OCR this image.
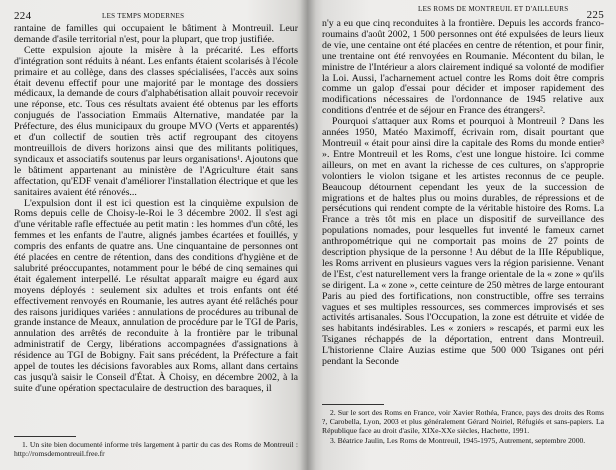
224	LES TEMPS MODERNES

rantaine de familles qui occupaient le bâtiment à Montreuil. Leur demande d'asile territorial n'est, pour la plupart, que trop justifiée.

Cette expulsion ajoute la misère à la précarité. Les efforts d'intégration sont réduits à néant. Les enfants étaient scolarisés à l'école primaire et au collège, dans des classes spécialisées, l'accès aux soins était devenu effectif pour une majorité par le montage des dossiers médicaux, la demande de cours d'alphabétisation allait pouvoir recevoir une réponse, etc. Tous ces résultats avaient été obtenus par les efforts conjugués de l'association Emmaüs Alternative, mandatée par la Préfecture, des élus municipaux du groupe MVO (Verts et apparentés) et d'un collectif de soutien très actif regroupant des citoyens montreuillois de divers horizons ainsi que des militants politiques, syndicaux et associatifs soutenus par leurs organisations¹. Ajoutons que le bâtiment appartenant au ministère de l'Agriculture était sans affectation, qu'EDF venait d'améliorer l'installation électrique et que les sanitaires avaient été rénovés...

L'expulsion dont il est ici question est la cinquième expulsion de Roms depuis celle de Choisy-le-Roi le 3 décembre 2002. Il s'est agi d'une véritable rafle effectuée au petit matin : les hommes d'un côté, les femmes et les enfants de l'autre, alignés jambes écartées et fouillés, y compris des enfants de quatre ans. Une cinquantaine de personnes ont été placées en centre de rétention, dans des conditions d'hygiène et de salubrité préoccupantes, notamment pour le bébé de cinq semaines qui était également interpellé. Le résultat apparaît maigre eu égard aux moyens déployés : seulement six adultes et trois enfants ont été effectivement renvoyés en Roumanie, les autres ayant été relâchés pour des raisons juridiques variées : annulations de procédures au tribunal de grande instance de Meaux, annulation de procédure par le TGI de Paris, annulation des arrêtés de reconduite à la frontière par le tribunal administratif de Cergy, libérations accompagnées d'assignations à résidence au TGI de Bobigny. Fait sans précédent, la Préfecture a fait appel de toutes les décisions favorables aux Roms, allant dans certains cas jusqu'à saisir le Conseil d'État. À Choisy, en décembre 2002, à la suite d'une opération spectaculaire de destruction des baraques, il

1. Un site bien documenté informe très largement à partir du cas des Roms de Montreuil : http://romsdemontreuil.free.fr

LES ROMS DE MONTREUIL ET D'AILLEURS 225

n'y a eu que cinq reconduites à la frontière. Depuis les accords franco-roumains d'août 2002, 1 500 personnes ont été expulsées de leurs lieux de vie, une centaine ont été placées en centre de rétention, et pour finir, une trentaine ont été renvoyées en Roumanie. Mécontent du bilan, le ministre de l'Intérieur a alors clairement indiqué sa volonté de modifier la Loi. Aussi, l'acharnement actuel contre les Roms doit être compris comme un galop d'essai pour décider et imposer rapidement des modifications nécessaires de l'ordonnance de 1945 relative aux conditions d'entrée et de séjour en France des étrangers².

Pourquoi s'attaquer aux Roms et pourquoi à Montreuil ? Dans les années 1950, Matéo Maximoff, écrivain rom, disait pourtant que Montreuil « était pour ainsi dire la capitale des Roms du monde entier³ ». Entre Montreuil et les Roms, c'est une longue histoire. Ici comme ailleurs, on met en avant la richesse de ces cultures, on s'approprie volontiers le violon tsigane et les artistes reconnus de ce peuple. Beaucoup détournent cependant les yeux de la succession de migrations et de haltes plus ou moins durables, de répressions et de persécutions qui rendent compte de la véritable histoire des Roms. La France a très tôt mis en place un dispositif de surveillance des populations nomades, pour lesquelles fut inventé le fameux carnet anthropométrique qui ne comportait pas moins de 27 points de description physique de la personne ! Au début de la IIIe République, les Roms arrivent en plusieurs vagues vers la région parisienne. Venant de l'Est, c'est naturellement vers la frange orientale de la « zone » qu'ils se dirigent. La « zone », cette ceinture de 250 mètres de large entourant Paris au pied des fortifications, non constructible, offre ses terrains vagues et ses multiples ressources, ses commerces improvisés et ses activités artisanales. Sous l'Occupation, la zone est détruite et vidée de ses habitants indésirables. Les « zoniers » rescapés, et parmi eux les Tsiganes réchappés de la déportation, entrent dans Montreuil. L'historienne Claire Auzias estime que 500 000 Tsiganes ont péri pendant la Seconde

2. Sur le sort des Roms en France, voir Xavier Rothéa, France, pays des droits des Roms ?, Carobella, Lyon, 2003 et plus généralement Gérard Noiriel, Réfugiés et sans-papiers. La République face au droit d'asile, XIXe-XXe siècles, Hachette, 1991.

3. Béatrice Jaulin, Les Roms de Montreuil, 1945-1975, Autrement, septembre 2000.
